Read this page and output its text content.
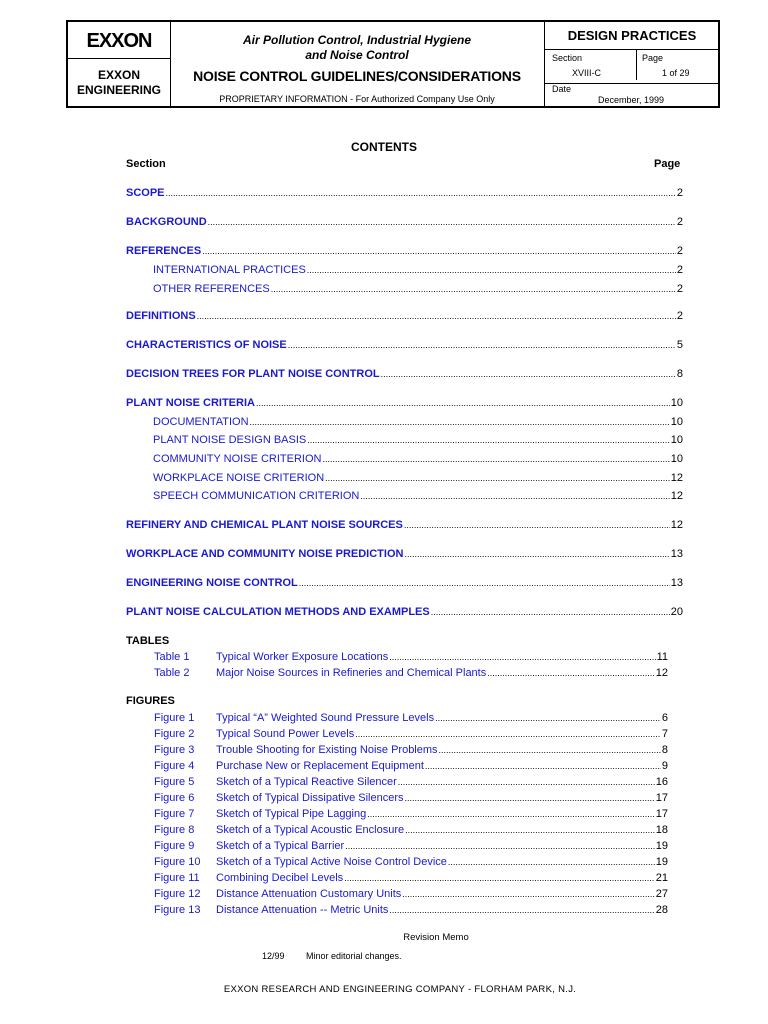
EXXON
EXXON
ENGINEERING
Air Pollution Control, Industrial Hygiene
and Noise Control
NOISE CONTROL GUIDELINES/CONSIDERATIONS
PROPRIETARY INFORMATION - For Authorized Company Use Only
DESIGN PRACTICES
Section
XVIII-C
Page
1 of 29
Date
December, 1999
CONTENTS
Section	Page
SCOPE .....	2
BACKGROUND .....	2
REFERENCES .....	2
INTERNATIONAL PRACTICES .....	2
OTHER REFERENCES .....	2
DEFINITIONS .....	2
CHARACTERISTICS OF NOISE .....	5
DECISION TREES FOR PLANT NOISE CONTROL .....	8
PLANT NOISE CRITERIA .....	10
DOCUMENTATION .....	10
PLANT NOISE DESIGN BASIS .....	10
COMMUNITY NOISE CRITERION .....	10
WORKPLACE NOISE CRITERION .....	12
SPEECH COMMUNICATION CRITERION .....	12
REFINERY AND CHEMICAL PLANT NOISE SOURCES .....	12
WORKPLACE AND COMMUNITY NOISE PREDICTION .....	13
ENGINEERING NOISE CONTROL .....	13
PLANT NOISE CALCULATION METHODS AND EXAMPLES .....	20
TABLES
Table 1	Typical Worker Exposure Locations .....	11
Table 2	Major Noise Sources in Refineries and Chemical Plants .....	12
FIGURES
Figure 1	Typical “A” Weighted Sound Pressure Levels .....	6
Figure 2	Typical Sound Power Levels .....	7
Figure 3	Trouble Shooting for Existing Noise Problems .....	8
Figure 4	Purchase New or Replacement Equipment .....	9
Figure 5	Sketch of a Typical Reactive Silencer .....	16
Figure 6	Sketch of Typical Dissipative Silencers .....	17
Figure 7	Sketch of Typical Pipe Lagging .....	17
Figure 8	Sketch of a Typical Acoustic Enclosure .....	18
Figure 9	Sketch of a Typical Barrier .....	19
Figure 10	Sketch of a Typical Active Noise Control Device .....	19
Figure 11	Combining Decibel Levels .....	21
Figure 12	Distance Attenuation Customary Units .....	27
Figure 13	Distance Attenuation -- Metric Units .....	28
Revision Memo
12/99 Minor editorial changes.
EXXON RESEARCH AND ENGINEERING COMPANY - FLORHAM PARK, N.J.
